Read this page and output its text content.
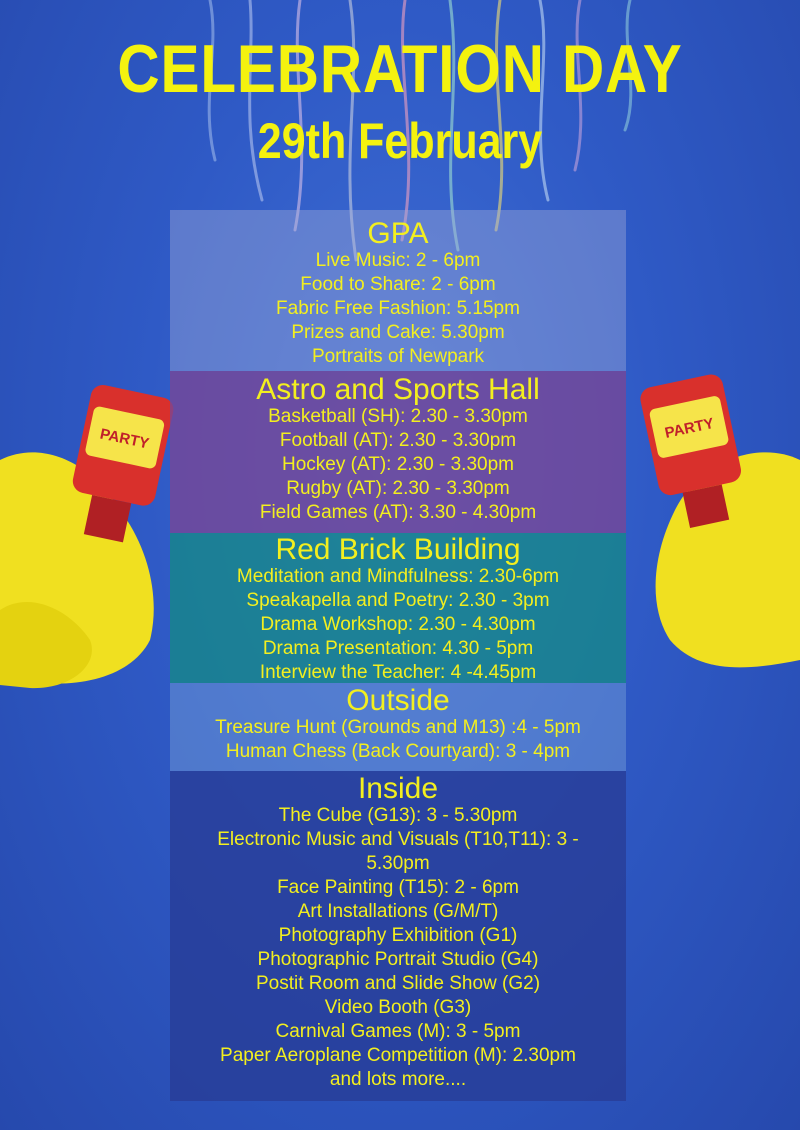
CELEBRATION DAY
29th February
PARTY	PARTY
GPA
Live Music: 2 - 6pm
Food to Share: 2 - 6pm
Fabric Free Fashion: 5.15pm
Prizes and Cake: 5.30pm
Portraits of Newpark
Astro and Sports Hall
Basketball (SH): 2.30 - 3.30pm
Football (AT): 2.30 - 3.30pm
Hockey (AT): 2.30 - 3.30pm
Rugby (AT): 2.30 - 3.30pm
Field Games (AT): 3.30 - 4.30pm
Red Brick Building
Meditation and Mindfulness: 2.30-6pm
Speakapella and Poetry: 2.30 - 3pm
Drama Workshop: 2.30 - 4.30pm
Drama Presentation: 4.30 - 5pm
Interview the Teacher: 4 -4.45pm
Outside
Treasure Hunt (Grounds and M13) :4 - 5pm
Human Chess (Back Courtyard): 3 - 4pm
Inside
The Cube (G13): 3 - 5.30pm
Electronic Music and Visuals (T10,T11): 3 -
5.30pm
Face Painting (T15): 2 - 6pm
Art Installations (G/M/T)
Photography Exhibition (G1)
Photographic Portrait Studio (G4)
Postit Room and Slide Show (G2)
Video Booth (G3)
Carnival Games (M): 3 - 5pm
Paper Aeroplane Competition (M): 2.30pm
and lots more....
